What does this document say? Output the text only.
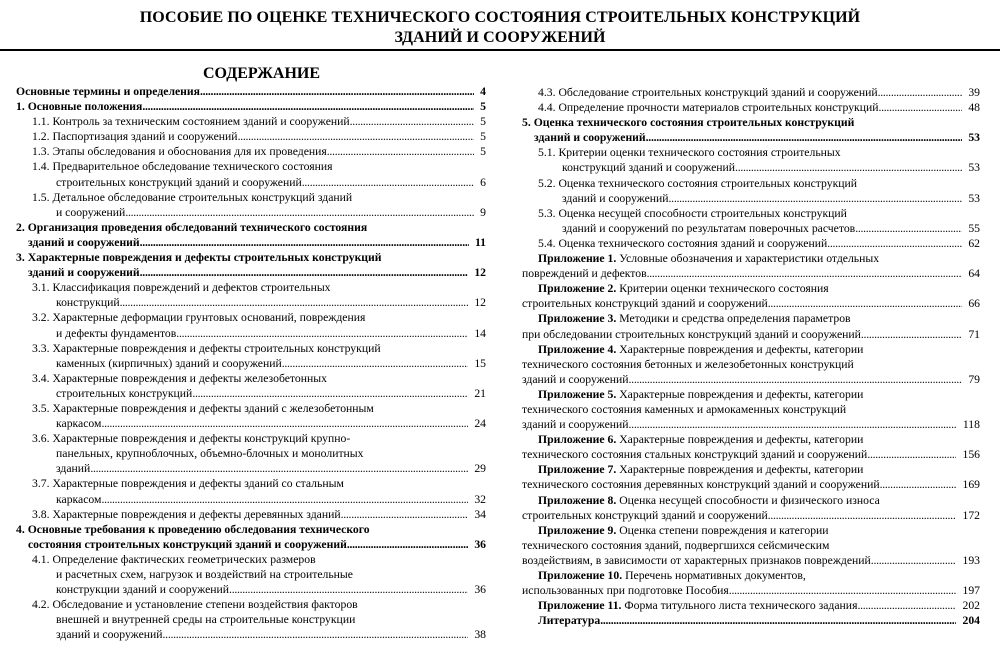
ПОСОБИЕ ПО ОЦЕНКЕ ТЕХНИЧЕСКОГО СОСТОЯНИЯ СТРОИТЕЛЬНЫХ КОНСТРУКЦИЙ
ЗДАНИЙ И СООРУЖЕНИЙ
СОДЕРЖАНИЕ
Основные термины и определения . . .	4
1. Основные положения . . .	5
1.1. Контроль за техническим состоянием зданий и сооружений . . .	5
1.2. Паспортизация зданий и сооружений . . .	5
1.3. Этапы обследования и обоснования для их проведения . . .	5
1.4. Предварительное обследование технического состояния
строительных конструкций зданий и сооружений . . .	6
1.5. Детальное обследование строительных конструкций зданий
и сооружений . . .	9
2. Организация проведения обследований технического состояния
зданий и сооружений . . .	11
3. Характерные повреждения и дефекты строительных конструкций
зданий и сооружений . . .	12
3.1. Классификация повреждений и дефектов строительных
конструкций . . .	12
3.2. Характерные деформации грунтовых оснований, повреждения
и дефекты фундаментов . . .	14
3.3. Характерные повреждения и дефекты строительных конструкций
каменных (кирпичных) зданий и сооружений . . .	15
3.4. Характерные повреждения и дефекты железобетонных
строительных конструкций . . .	21
3.5. Характерные повреждения и дефекты зданий с железобетонным
каркасом . . .	24
3.6. Характерные повреждения и дефекты конструкций крупно-
панельных, крупноблочных, объемно-блочных и монолитных
зданий . . .	29
3.7. Характерные повреждения и дефекты зданий со стальным
каркасом . . .	32
3.8. Характерные повреждения и дефекты деревянных зданий . . .	34
4. Основные требования к проведению обследования технического
состояния строительных конструкций зданий и сооружений . . .	36
4.1. Определение фактических геометрических размеров
и расчетных схем, нагрузок и воздействий на строительные
конструкции зданий и сооружений . . .	36
4.2. Обследование и установление степени воздействия факторов
внешней и внутренней среды на строительные конструкции
зданий и сооружений . . .	38
4.3. Обследование строительных конструкций зданий и сооружений . . .	39
4.4. Определение прочности материалов строительных конструкций . . .	48
5. Оценка технического состояния строительных конструкций
зданий и сооружений . . .	53
5.1. Критерии оценки технического состояния строительных
конструкций зданий и сооружений . . .	53
5.2. Оценка технического состояния строительных конструкций
зданий и сооружений . . .	53
5.3. Оценка несущей способности строительных конструкций
зданий и сооружений по результатам поверочных расчетов . . .	55
5.4. Оценка технического состояния зданий и сооружений . . .	62
Приложение 1. Условные обозначения и характеристики отдельных
повреждений и дефектов . . .	64
Приложение 2. Критерии оценки технического состояния
строительных конструкций зданий и сооружений . . .	66
Приложение 3. Методики и средства определения параметров
при обследовании строительных конструкций зданий и сооружений . . .	71
Приложение 4. Характерные повреждения и дефекты, категории
технического состояния бетонных и железобетонных конструкций
зданий и сооружений . . .	79
Приложение 5. Характерные повреждения и дефекты, категории
технического состояния каменных и армокаменных конструкций
зданий и сооружений . . .	118
Приложение 6. Характерные повреждения и дефекты, категории
технического состояния стальных конструкций зданий и сооружений . . .	156
Приложение 7. Характерные повреждения и дефекты, категории
технического состояния деревянных конструкций зданий и сооружений . . .	169
Приложение 8. Оценка несущей способности и физического износа
строительных конструкций зданий и сооружений . . .	172
Приложение 9. Оценка степени повреждения и категории
технического состояния зданий, подвергшихся сейсмическим
воздействиям, в зависимости от характерных признаков повреждений . . .	193
Приложение 10. Перечень нормативных документов,
использованных при подготовке Пособия . . .	197
Приложение 11. Форма титульного листа технического задания . . .	202
Литература . . .	204
